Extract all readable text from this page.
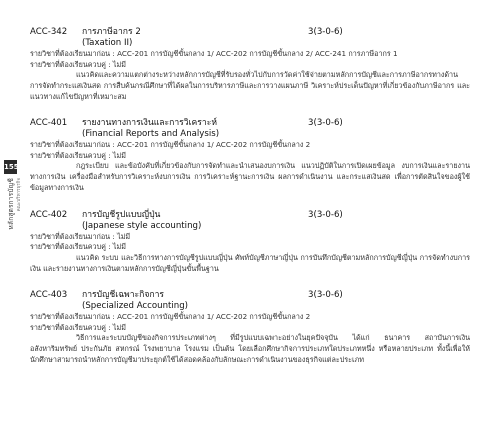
155
หลักสูตรการบัญชี คณะบริหารธุรกิจ
ACC-342	การภาษีอากร 2	3(3-0-6)
(Taxation II)
รายวิชาที่ต้องเรียนมาก่อน : ACC-201 การบัญชีขั้นกลาง 1/ ACC-202 การบัญชีขั้นกลาง 2/ ACC-241 การภาษีอากร 1
รายวิชาที่ต้องเรียนควบคู่ : ไม่มี
แนวคิดและความแตกต่างระหว่างหลักการบัญชีที่รับรองทั่วไปกับการวัดค่าใช้จ่ายตามหลักการบัญชีและการภาษีอากรทางด้านการจัดทำกระแสเงินสด การสืบค้นกรณีศึกษาที่ได้ผลในการบริหารภาษีและการวางแผนภาษี วิเคราะห์ประเด็นปัญหาที่เกี่ยวข้องกับภาษีอากร และแนวทางแก้ไขปัญหาที่เหมาะสม
ACC-401	รายงานทางการเงินและการวิเคราะห์	3(3-0-6)
(Financial Reports and Analysis)
รายวิชาที่ต้องเรียนมาก่อน : ACC-201 การบัญชีขั้นกลาง 1/ ACC-202 การบัญชีขั้นกลาง 2
รายวิชาที่ต้องเรียนควบคู่ : ไม่มี
กฎระเบียบ และข้อบังคับที่เกี่ยวข้องกับการจัดทำและนำเสนองบการเงิน แนวปฏิบัติในการเปิดเผยข้อมูล งบการเงินและรายงานทางการเงิน เครื่องมือสำหรับการวิเคราะห์งบการเงิน การวิเคราะห์ฐานะการเงิน ผลการดำเนินงาน และกระแสเงินสด เพื่อการตัดสินใจของผู้ใช้ข้อมูลทางการเงิน
ACC-402	การบัญชีรูปแบบญี่ปุ่น	3(3-0-6)
(Japanese style accounting)
รายวิชาที่ต้องเรียนมาก่อน : ไม่มี
รายวิชาที่ต้องเรียนควบคู่ : ไม่มี
แนวคิด ระบบ และวิธีการทางการบัญชีรูปแบบญี่ปุ่น ศัพท์บัญชีภาษาญี่ปุ่น การบันทึกบัญชีตามหลักการบัญชีญี่ปุ่น การจัดทำงบการเงิน และรายงานทางการเงินตามหลักการบัญชีญี่ปุ่นขั้นพื้นฐาน
ACC-403	การบัญชีเฉพาะกิจการ	3(3-0-6)
(Specialized Accounting)
รายวิชาที่ต้องเรียนมาก่อน : ACC-201 การบัญชีขั้นกลาง 1/ ACC-202 การบัญชีขั้นกลาง 2
รายวิชาที่ต้องเรียนควบคู่ : ไม่มี
วิธีการและระบบบัญชีของกิจการประเภทต่างๆ ที่มีรูปแบบเฉพาะอย่างในยุคปัจจุบัน ได้แก่ ธนาคาร สถาบันการเงิน อสังหาริมทรัพย์ ประกันภัย สหกรณ์ โรงพยาบาล โรงแรม เป็นต้น โดยเลือกศึกษากิจการประเภทใดประเภทหนึ่ง หรือหลายประเภท ทั้งนี้เพื่อให้นักศึกษาสามารถนำหลักการบัญชีมาประยุกต์ใช้ได้สอดคล้องกับลักษณะการดำเนินงานของธุรกิจแต่ละประเภท
